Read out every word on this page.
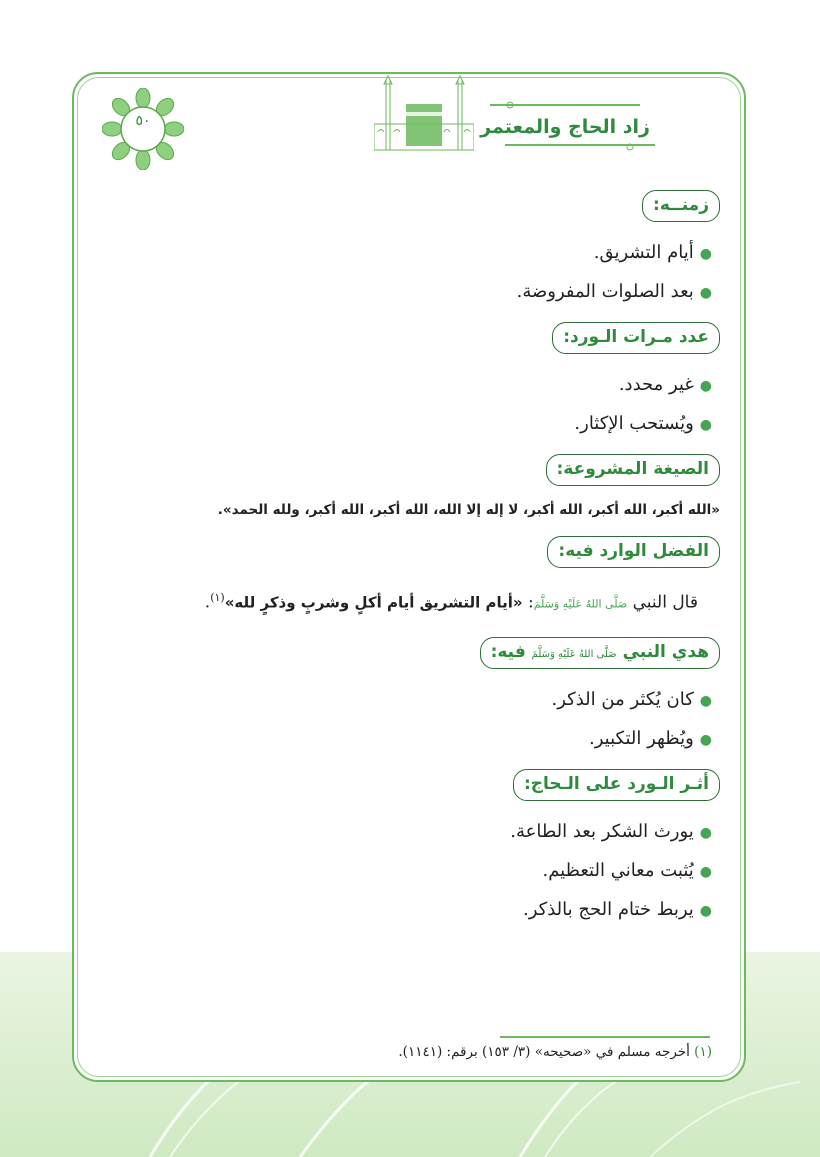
٥٠	زاد الحاج والمعتمر
زمنــه:
●أيام التشريق.
●بعد الصلوات المفروضة.
عدد مـرات الـورد:
●غير محدد.
●ويُستحب الإكثار.
الصيغة المشروعة:
«الله أكبر، الله أكبر، الله أكبر، لا إله إلا الله، الله أكبر، الله أكبر، ولله الحمد».
الفضل الوارد فيه:
قال النبي صَلَّى اللهُ عَلَيْهِ وَسَلَّمَ: «أيام التشريق أيام أكلٍ وشربٍ وذكرٍ لله»$^{(١)}$.
هدي النبي صَلَّى اللهُ عَلَيْهِ وَسَلَّمَ فيه:
●كان يُكثر من الذكر.
●ويُظهر التكبير.
أثـر الـورد على الـحاج:
●يورث الشكر بعد الطاعة.
●يُثبت معاني التعظيم.
●يربط ختام الحج بالذكر.
(١) أخرجه مسلم في «صحيحه» (٣/ ١٥٣) برقم: (١١٤١).
